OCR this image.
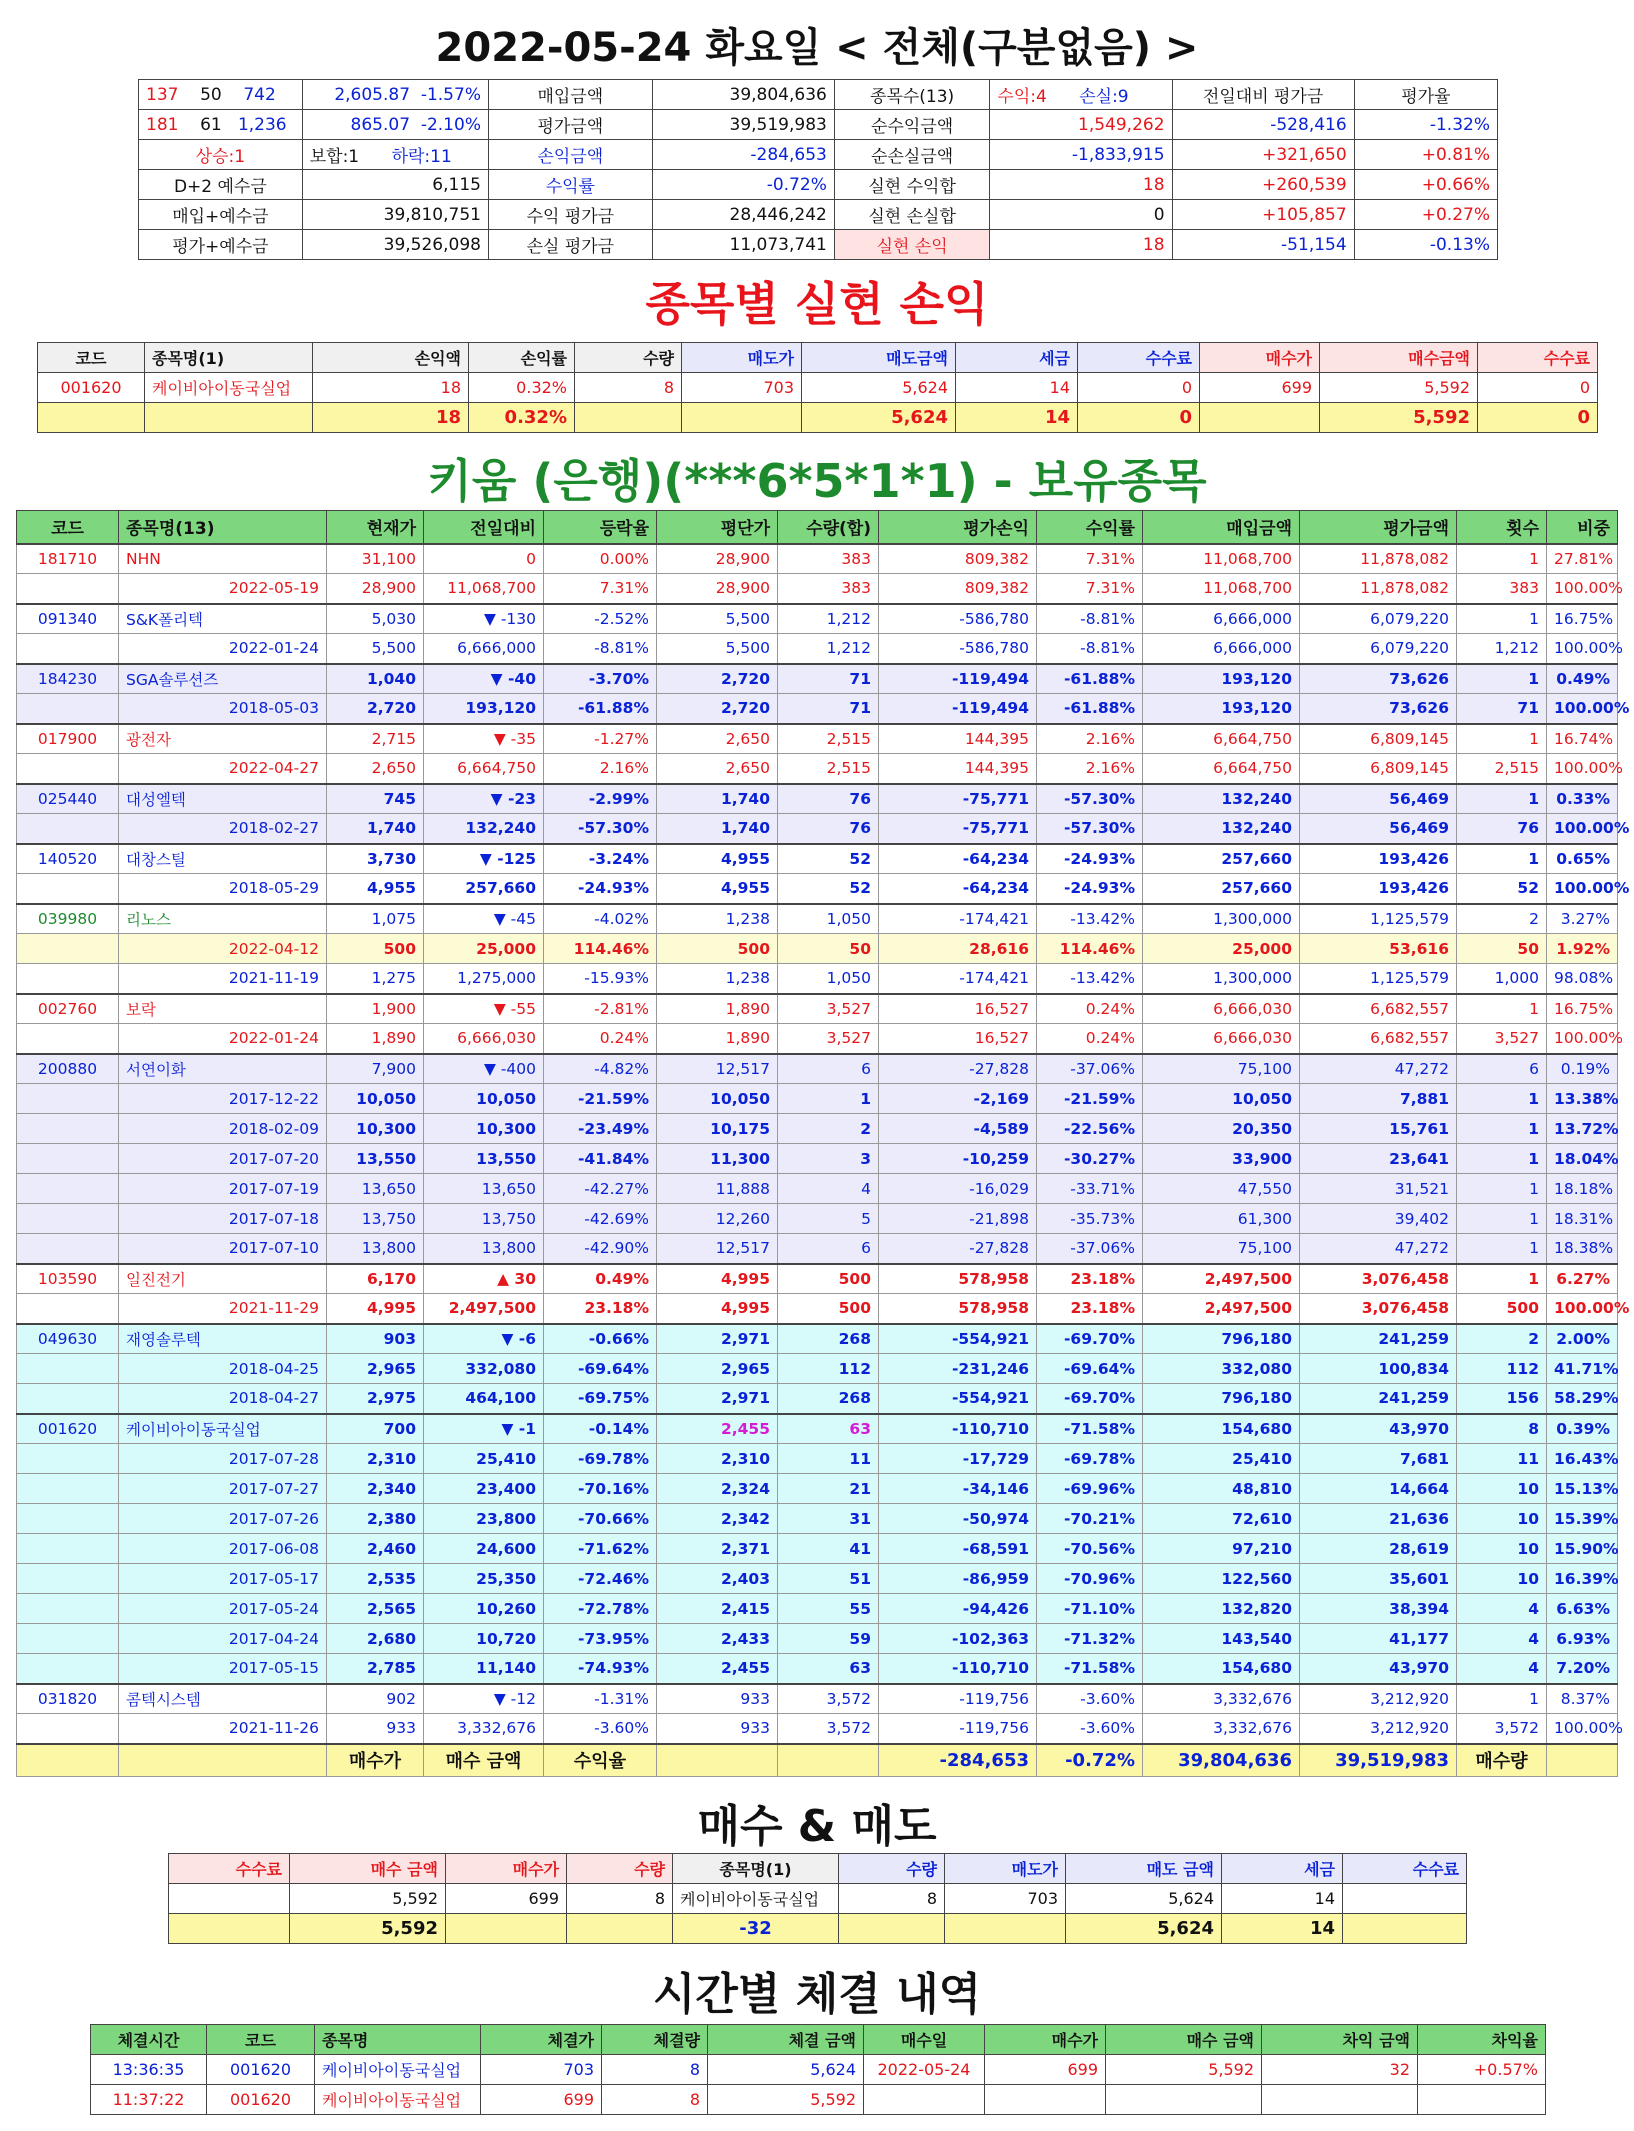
2022-05-24 화요일 < 전체(구분없음) >
137 50 742	2,605.87 -1.57%	매입금액	39,804,636	종목수(13)	수익:4 손실:9	전일대비 평가금	평가율
181 61 1,236	865.07 -2.10%	평가금액	39,519,983	순수익금액	1,549,262	-528,416	-1.32%
상승:1	보합:1 하락:11	손익금액	-284,653	순손실금액	-1,833,915	+321,650	+0.81%
D+2 예수금	6,115	수익률	-0.72%	실현 수익합	18	+260,539	+0.66%
매입+예수금	39,810,751	수익 평가금	28,446,242	실현 손실합	0	+105,857	+0.27%
평가+예수금	39,526,098	손실 평가금	11,073,741	실현 손익	18	-51,154	-0.13%
종목별 실현 손익
코드	종목명(1)	손익액	손익률	수량	매도가	매도금액	세금	수수료	매수가	매수금액	수수료
001620	케이비아이동국실업	18	0.32%	8	703	5,624	14	0	699	5,592	0
		18	0.32%			5,624	14	0		5,592	0
키움 (은행)(***6*5*1*1) - 보유종목
코드	종목명(13)	현재가	전일대비	등락율	평단가	수량(합)	평가손익	수익률	매입금액	평가금액	횟수	비중
181710	NHN	31,100	0	0.00%	28,900	383	809,382	7.31%	11,068,700	11,878,082	1	27.81%
	2022-05-19	28,900	11,068,700	7.31%	28,900	383	809,382	7.31%	11,068,700	11,878,082	383	100.00%
091340	S&K폴리텍	5,030	▼ -130	-2.52%	5,500	1,212	-586,780	-8.81%	6,666,000	6,079,220	1	16.75%
	2022-01-24	5,500	6,666,000	-8.81%	5,500	1,212	-586,780	-8.81%	6,666,000	6,079,220	1,212	100.00%
184230	SGA솔루션즈	1,040	▼ -40	-3.70%	2,720	71	-119,494	-61.88%	193,120	73,626	1	0.49%
	2018-05-03	2,720	193,120	-61.88%	2,720	71	-119,494	-61.88%	193,120	73,626	71	100.00%
017900	광전자	2,715	▼ -35	-1.27%	2,650	2,515	144,395	2.16%	6,664,750	6,809,145	1	16.74%
	2022-04-27	2,650	6,664,750	2.16%	2,650	2,515	144,395	2.16%	6,664,750	6,809,145	2,515	100.00%
025440	대성엘텍	745	▼ -23	-2.99%	1,740	76	-75,771	-57.30%	132,240	56,469	1	0.33%
	2018-02-27	1,740	132,240	-57.30%	1,740	76	-75,771	-57.30%	132,240	56,469	76	100.00%
140520	대창스틸	3,730	▼ -125	-3.24%	4,955	52	-64,234	-24.93%	257,660	193,426	1	0.65%
	2018-05-29	4,955	257,660	-24.93%	4,955	52	-64,234	-24.93%	257,660	193,426	52	100.00%
039980	리노스	1,075	▼ -45	-4.02%	1,238	1,050	-174,421	-13.42%	1,300,000	1,125,579	2	3.27%
	2022-04-12	500	25,000	114.46%	500	50	28,616	114.46%	25,000	53,616	50	1.92%
	2021-11-19	1,275	1,275,000	-15.93%	1,238	1,050	-174,421	-13.42%	1,300,000	1,125,579	1,000	98.08%
002760	보락	1,900	▼ -55	-2.81%	1,890	3,527	16,527	0.24%	6,666,030	6,682,557	1	16.75%
	2022-01-24	1,890	6,666,030	0.24%	1,890	3,527	16,527	0.24%	6,666,030	6,682,557	3,527	100.00%
200880	서연이화	7,900	▼ -400	-4.82%	12,517	6	-27,828	-37.06%	75,100	47,272	6	0.19%
	2017-12-22	10,050	10,050	-21.59%	10,050	1	-2,169	-21.59%	10,050	7,881	1	13.38%
	2018-02-09	10,300	10,300	-23.49%	10,175	2	-4,589	-22.56%	20,350	15,761	1	13.72%
	2017-07-20	13,550	13,550	-41.84%	11,300	3	-10,259	-30.27%	33,900	23,641	1	18.04%
	2017-07-19	13,650	13,650	-42.27%	11,888	4	-16,029	-33.71%	47,550	31,521	1	18.18%
	2017-07-18	13,750	13,750	-42.69%	12,260	5	-21,898	-35.73%	61,300	39,402	1	18.31%
	2017-07-10	13,800	13,800	-42.90%	12,517	6	-27,828	-37.06%	75,100	47,272	1	18.38%
103590	일진전기	6,170	▲ 30	0.49%	4,995	500	578,958	23.18%	2,497,500	3,076,458	1	6.27%
	2021-11-29	4,995	2,497,500	23.18%	4,995	500	578,958	23.18%	2,497,500	3,076,458	500	100.00%
049630	재영솔루텍	903	▼ -6	-0.66%	2,971	268	-554,921	-69.70%	796,180	241,259	2	2.00%
	2018-04-25	2,965	332,080	-69.64%	2,965	112	-231,246	-69.64%	332,080	100,834	112	41.71%
	2018-04-27	2,975	464,100	-69.75%	2,971	268	-554,921	-69.70%	796,180	241,259	156	58.29%
001620	케이비아이동국실업	700	▼ -1	-0.14%	2,455	63	-110,710	-71.58%	154,680	43,970	8	0.39%
	2017-07-28	2,310	25,410	-69.78%	2,310	11	-17,729	-69.78%	25,410	7,681	11	16.43%
	2017-07-27	2,340	23,400	-70.16%	2,324	21	-34,146	-69.96%	48,810	14,664	10	15.13%
	2017-07-26	2,380	23,800	-70.66%	2,342	31	-50,974	-70.21%	72,610	21,636	10	15.39%
	2017-06-08	2,460	24,600	-71.62%	2,371	41	-68,591	-70.56%	97,210	28,619	10	15.90%
	2017-05-17	2,535	25,350	-72.46%	2,403	51	-86,959	-70.96%	122,560	35,601	10	16.39%
	2017-05-24	2,565	10,260	-72.78%	2,415	55	-94,426	-71.10%	132,820	38,394	4	6.63%
	2017-04-24	2,680	10,720	-73.95%	2,433	59	-102,363	-71.32%	143,540	41,177	4	6.93%
	2017-05-15	2,785	11,140	-74.93%	2,455	63	-110,710	-71.58%	154,680	43,970	4	7.20%
031820	콤텍시스템	902	▼ -12	-1.31%	933	3,572	-119,756	-3.60%	3,332,676	3,212,920	1	8.37%
	2021-11-26	933	3,332,676	-3.60%	933	3,572	-119,756	-3.60%	3,332,676	3,212,920	3,572	100.00%
		매수가	매수 금액	수익율			-284,653	-0.72%	39,804,636	39,519,983	매수량	
매수 & 매도
수수료	매수 금액	매수가	수량	종목명(1)	수량	매도가	매도 금액	세금	수수료
	5,592	699	8	케이비아이동국실업	8	703	5,624	14	
	5,592			-32			5,624	14	
시간별 체결 내역
체결시간	코드	종목명	체결가	체결량	체결 금액	매수일	매수가	매수 금액	차익 금액	차익율
13:36:35	001620	케이비아이동국실업	703	8	5,624	2022-05-24	699	5,592	32	+0.57%
11:37:22	001620	케이비아이동국실업	699	8	5,592					
